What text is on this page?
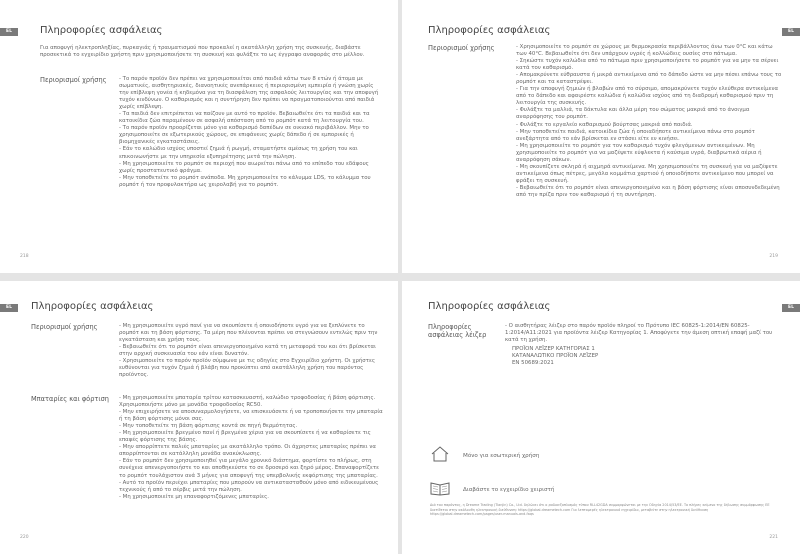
EL	Πληροφορίες ασφάλειας
Για αποφυγή ηλεκτροπληξίας, πυρκαγιάς ή τραυματισμού που προκαλεί η ακατάλληλη χρήση της συσκευής, διαβάστε προσεκτικά το εγχειρίδιο χρήστη πριν χρησιμοποιήσετε τη συσκευή και φυλάξτε το ως έγγραφο αναφοράς στο μέλλον.
Περιορισμοί χρήσης	- Το παρόν προϊόν δεν πρέπει να χρησιμοποιείται από παιδιά κάτω των 8 ετών ή άτομα με σωματικές, αισθητηριακές, διανοητικές ανεπάρκειες ή περιορισμένη εμπειρία ή γνώση χωρίς την επίβλεψη γονέα ή κηδεμόνα για τη διασφάλιση της ασφαλούς λειτουργίας και την αποφυγή τυχόν κινδύνων. Ο καθαρισμός και η συντήρηση δεν πρέπει να πραγματοποιούνται από παιδιά χωρίς επίβλεψη.

- Τα παιδιά δεν επιτρέπεται να παίζουν με αυτό το προϊόν. Βεβαιωθείτε ότι τα παιδιά και τα κατοικίδια ζώα παραμένουν σε ασφαλή απόσταση από το ρομπότ κατά τη λειτουργία του.

- Το παρόν προϊόν προορίζεται μόνο για καθαρισμό δαπέδων σε οικιακό περιβάλλον. Μην το χρησιμοποιείτε σε εξωτερικούς χώρους, σε επιφάνειες χωρίς δάπεδο ή σε εμπορικές ή βιομηχανικές εγκαταστάσεις.

- Εάν το καλώδιο ισχύος υποστεί ζημιά ή ρωγμή, σταματήστε αμέσως τη χρήση του και επικοινωνήστε με την υπηρεσία εξυπηρέτησης μετά την πώληση.

- Μη χρησιμοποιείτε το ρομπότ σε περιοχή που αιωρείται πάνω από το επίπεδο του εδάφους χωρίς προστατευτικό φράγμα.

- Μην τοποθετείτε το ρομπότ ανάποδα. Μη χρησιμοποιείτε το κάλυμμα LDS, το κάλυμμα του ρομπότ ή τον προφυλακτήρα ως χειρολαβή για το ρομπότ.

218
EL
Πληροφορίες ασφάλειας
Περιορισμοί χρήσης	- Χρησιμοποιείτε το ρομπότ σε χώρους με θερμοκρασία περιβάλλοντος άνω των 0°C και κάτω των 40°C. Βεβαιωθείτε ότι δεν υπάρχουν υγρές ή κολλώδεις ουσίες στο πάτωμα.

- Σηκώστε τυχόν καλώδια από το πάτωμα πριν χρησιμοποιήσετε το ρομπότ για να μην τα σέρνει κατά τον καθαρισμό.

- Απομακρύνετε εύθραυστα ή μικρά αντικείμενα από το δάπεδο ώστε να μην πέσει επάνω τους το ρομπότ και τα καταστρέψει.

- Για την αποφυγή ζημιών ή βλαβών από το σύρσιμο, απομακρύνετε τυχόν ελεύθερα αντικείμενα από το δάπεδο και αφαιρέστε καλώδια ή καλώδια ισχύος από τη διαδρομή καθαρισμού πριν τη λειτουργία της συσκευής.

- Φυλάξτε τα μαλλιά, τα δάκτυλα και άλλα μέρη του σώματος μακριά από το άνοιγμα αναρρόφησης του ρομπότ.

- Φυλάξτε το εργαλείο καθαρισμού βούρτσας μακριά από παιδιά.

- Μην τοποθετείτε παιδιά, κατοικίδια ζώα ή οποιαδήποτε αντικείμενα πάνω στο ρομπότ ανεξάρτητα από το εάν βρίσκεται εν στάσει είτε εν κινήσει.

- Μη χρησιμοποιείτε το ρομπότ για τον καθαρισμό τυχόν φλεγόμενων αντικειμένων. Μη χρησιμοποιείτε το ρομπότ για να μαζέψετε εύφλεκτα ή καύσιμα υγρά, διαβρωτικά αέρια ή αναρρόφηση σάκων.

- Μη σκουπίζετε σκληρά ή αιχμηρά αντικείμενα. Μη χρησιμοποιείτε τη συσκευή για να μαζέψετε αντικείμενα όπως πέτρες, μεγάλα κομμάτια χαρτιού ή οποιοδήποτε αντικείμενο που μπορεί να φράξει τη συσκευή.

- Βεβαιωθείτε ότι το ρομπότ είναι απενεργοποιημένο και η βάση φόρτισης είναι αποσυνδεδεμένη από την πρίζα πριν τον καθαρισμό ή τη συντήρηση.

219
EL	Πληροφορίες ασφάλειας
Περιορισμοί χρήσης	- Μη χρησιμοποιείτε υγρό πανί για να σκουπίσετε ή οποιοδήποτε υγρό για να ξεπλύνετε το ρομπότ και τη βάση φόρτισης. Τα μέρη που πλένονται πρέπει να στεγνώσουν εντελώς πριν την εγκατάσταση και χρήση τους.

- Βεβαιωθείτε ότι το ρομπότ είναι απενεργοποιημένο κατά τη μεταφορά του και ότι βρίσκεται στην αρχική συσκευασία του εάν είναι δυνατόν.

- Χρησιμοποιείτε το παρόν προϊόν σύμφωνα με τις οδηγίες στο Εγχειρίδιο χρήστη. Οι χρήστες ευθύνονται για τυχόν ζημιά ή βλάβη που προκύπτει από ακατάλληλη χρήση του παρόντος προϊόντος.

Μπαταρίες και φόρτιση	- Μη χρησιμοποιείτε μπαταρία τρίτου κατασκευαστή, καλώδιο τροφοδοσίας ή βάση φόρτισης. Χρησιμοποιήστε μόνο με μονάδα τροφοδοσίας RC50.

- Μην επιχειρήσετε να αποσυναρμολογήσετε, να επισκευάσετε ή να τροποποιήσετε την μπαταρία ή τη βάση φόρτισης μόνοι σας.

- Μην τοποθετείτε τη βάση φόρτισης κοντά σε πηγή θερμότητας.

- Μη χρησιμοποιείτε βρεγμένο πανί ή βρεγμένα χέρια για να σκουπίσετε ή να καθαρίσετε τις επαφές φόρτισης της βάσης.

- Μην απορρίπτετε παλιές μπαταρίες με ακατάλληλο τρόπο. Οι άχρηστες μπαταρίες πρέπει να απορρίπτονται σε κατάλληλη μονάδα ανακύκλωσης.

- Εάν το ρομπότ δεν χρησιμοποιηθεί για μεγάλο χρονικό διάστημα, φορτίστε το πλήρως, στη συνέχεια απενεργοποιήστε το και αποθηκεύστε το σε δροσερό και ξηρό μέρος. Επαναφορτίζετε το ρομπότ τουλάχιστον ανά 3 μήνες για αποφυγή της υπερβολικής εκφόρτισης της μπαταρίας.

- Αυτό το προϊόν περιέχει μπαταρίες που μπορούν να αντικατασταθούν μόνο από ειδικευμένους τεχνικούς ή από το σέρβις μετά την πώληση.

- Μη χρησιμοποιείτε μη επαναφορτιζόμενες μπαταρίες.

220
EL
Πληροφορίες ασφάλειας
Πληροφορίες ασφάλειας λέιζερ

- Ο αισθητήρας λέιζερ στο παρόν προϊόν πληροί το Πρότυπο IEC 60825-1:2014/EN 60825-1:2014/A11:2021 για προϊόντα λέιζερ Κατηγορίας 1. Αποφύγετε την άμεση οπτική επαφή μαζί του κατά τη χρήση.

ΠΡΟΪΟΝ ΛΕΪΖΕΡ ΚΑΤΗΓΟΡΙΑΣ 1

ΚΑΤΑΝΑΛΩΤΙΚΟ ΠΡΟΪΟΝ ΛΕΪΖΕΡ

EN 50689:2021

Μόνο για εσωτερική χρήση
Διαβάστε το εγχειρίδιο χειριστή
Διά του παρόντος, η Dreame Trading (Tianjin) Co., Ltd. δηλώνει ότι ο ραδιοεξοπλισμός τύπου RLL42GDA συμμορφώνεται με την Οδηγία 2014/53/ΕΕ. Το πλήρες κείμενο της δήλωσης συμμόρφωσης ΕΕ διατίθεται στην ακόλουθη ηλεκτρονική διεύθυνση: https://global.dreametech.com Για λεπτομερές ηλεκτρονικό εγχειρίδιο, μεταβείτε στην ηλεκτρονική διεύθυνση https://global.dreametech.com/pages/user-manuals-and-faqs
221
